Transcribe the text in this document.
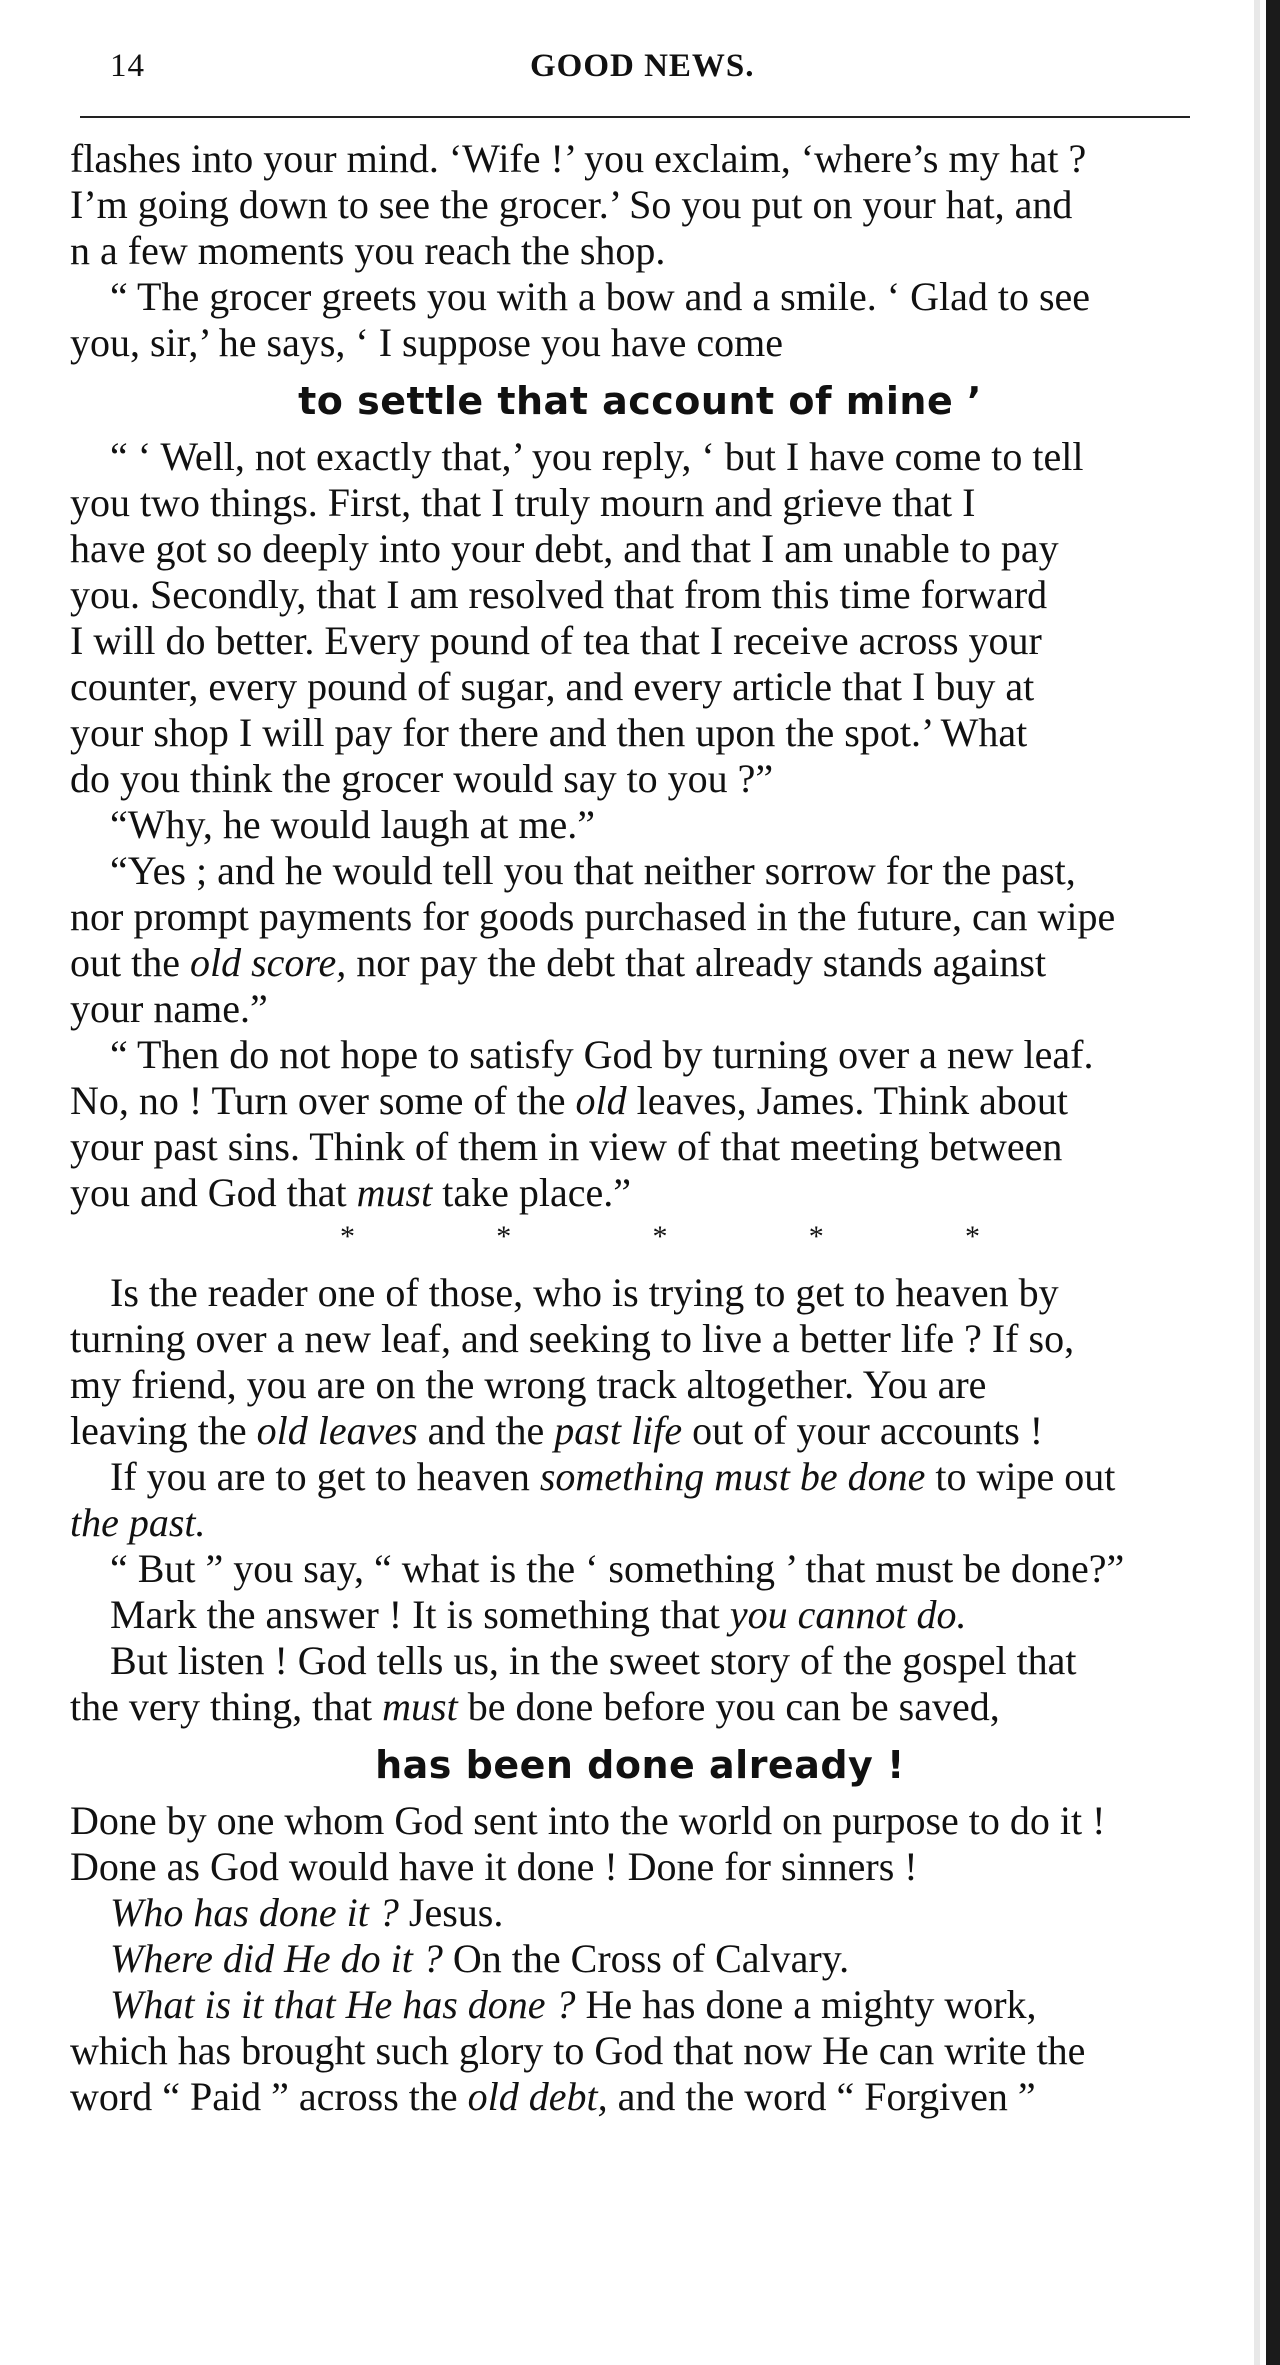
14	GOOD NEWS.
flashes into your mind. ‘Wife !’ you exclaim, ‘where’s my hat ?
I’m going down to see the grocer.’ So you put on your hat, and
n a few moments you reach the shop.
“ The grocer greets you with a bow and a smile. ‘ Glad to see
you, sir,’ he says, ‘ I suppose you have come
to settle that account of mine ’
“ ‘ Well, not exactly that,’ you reply, ‘ but I have come to tell
you two things. First, that I truly mourn and grieve that I
have got so deeply into your debt, and that I am unable to pay
you. Secondly, that I am resolved that from this time forward
I will do better. Every pound of tea that I receive across your
counter, every pound of sugar, and every article that I buy at
your shop I will pay for there and then upon the spot.’ What
do you think the grocer would say to you ?”
“Why, he would laugh at me.”
“Yes ; and he would tell you that neither sorrow for the past,
nor prompt payments for goods purchased in the future, can wipe
out the old score, nor pay the debt that already stands against
your name.”
“ Then do not hope to satisfy God by turning over a new leaf.
No, no ! Turn over some of the old leaves, James. Think about
your past sins. Think of them in view of that meeting between
you and God that must take place.”
*	*	*	*	*
Is the reader one of those, who is trying to get to heaven by
turning over a new leaf, and seeking to live a better life ? If so,
my friend, you are on the wrong track altogether. You are
leaving the old leaves and the past life out of your accounts !
If you are to get to heaven something must be done to wipe out
the past.
“ But ” you say, “ what is the ‘ something ’ that must be done?”
Mark the answer ! It is something that you cannot do.
But listen ! God tells us, in the sweet story of the gospel that
the very thing, that must be done before you can be saved,
has been done already !
Done by one whom God sent into the world on purpose to do it !
Done as God would have it done ! Done for sinners !
Who has done it ? Jesus.
Where did He do it ? On the Cross of Calvary.
What is it that He has done ? He has done a mighty work,
which has brought such glory to God that now He can write the
word “ Paid ” across the old debt, and the word “ Forgiven ”
